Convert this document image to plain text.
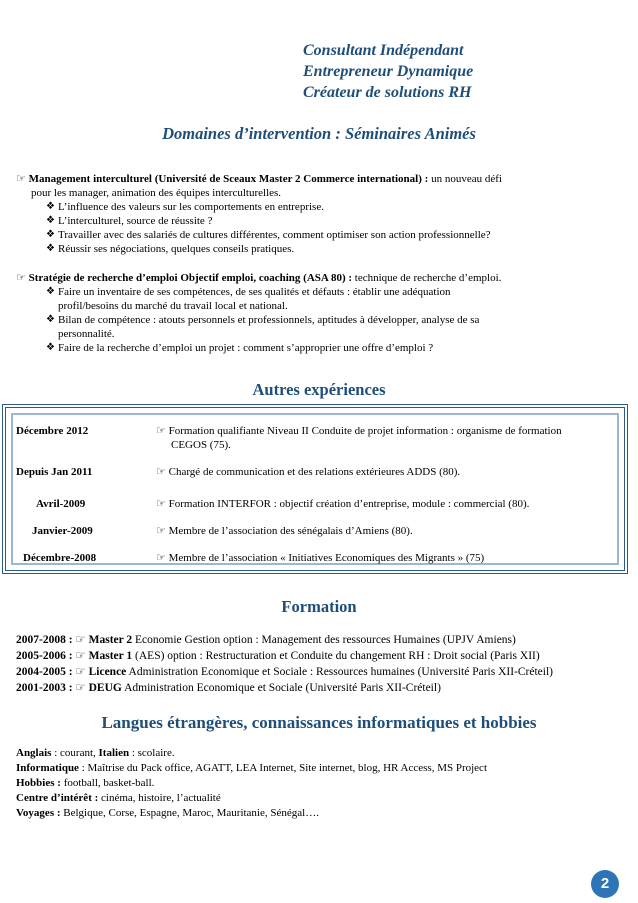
Consultant Indépendant
Entrepreneur Dynamique
Créateur de solutions RH
Domaines d’intervention : Séminaires Animés
☞ Management interculturel (Université de Sceaux Master 2 Commerce international) : un nouveau défi
pour les manager, animation des équipes interculturelles.
❖ L’influence des valeurs sur les comportements en entreprise.
❖ L’interculturel, source de réussite ?
❖ Travailler avec des salariés de cultures différentes, comment optimiser son action professionnelle?
❖ Réussir ses négociations, quelques conseils pratiques.
☞ Stratégie de recherche d’emploi Objectif emploi, coaching (ASA 80) : technique de recherche d’emploi.
❖ Faire un inventaire de ses compétences, de ses qualités et défauts : établir une adéquation
profil/besoins du marché du travail local et national.
❖ Bilan de compétence : atouts personnels et professionnels, aptitudes à développer, analyse de sa
personnalité.
❖ Faire de la recherche d’emploi un projet : comment s’approprier une offre d’emploi ?
Autres expériences
Décembre 2012	☞ Formation qualifiante Niveau II Conduite de projet information : organisme de formation
CEGOS (75).
Depuis Jan 2011	☞ Chargé de communication et des relations extérieures ADDS (80).
Avril-2009	☞ Formation INTERFOR : objectif création d’entreprise, module : commercial (80).
Janvier-2009	☞ Membre de l’association des sénégalais d’Amiens (80).
Décembre-2008	☞ Membre de l’association « Initiatives Economiques des Migrants » (75)
Formation
2007-2008 : ☞ Master 2 Economie Gestion option : Management des ressources Humaines (UPJV Amiens)
2005-2006 : ☞ Master 1 (AES) option : Restructuration et Conduite du changement RH : Droit social (Paris XII)
2004-2005 : ☞ Licence Administration Economique et Sociale : Ressources humaines (Université Paris XII-Créteil)
2001-2003 : ☞ DEUG Administration Economique et Sociale (Université Paris XII-Créteil)
Langues étrangères, connaissances informatiques et hobbies
Anglais : courant, Italien : scolaire.
Informatique : Maîtrise du Pack office, AGATT, LEA Internet, Site internet, blog, HR Access, MS Project
Hobbies : football, basket-ball.
Centre d’intérêt : cinéma, histoire, l’actualité
Voyages : Belgique, Corse, Espagne, Maroc, Mauritanie, Sénégal….
2
